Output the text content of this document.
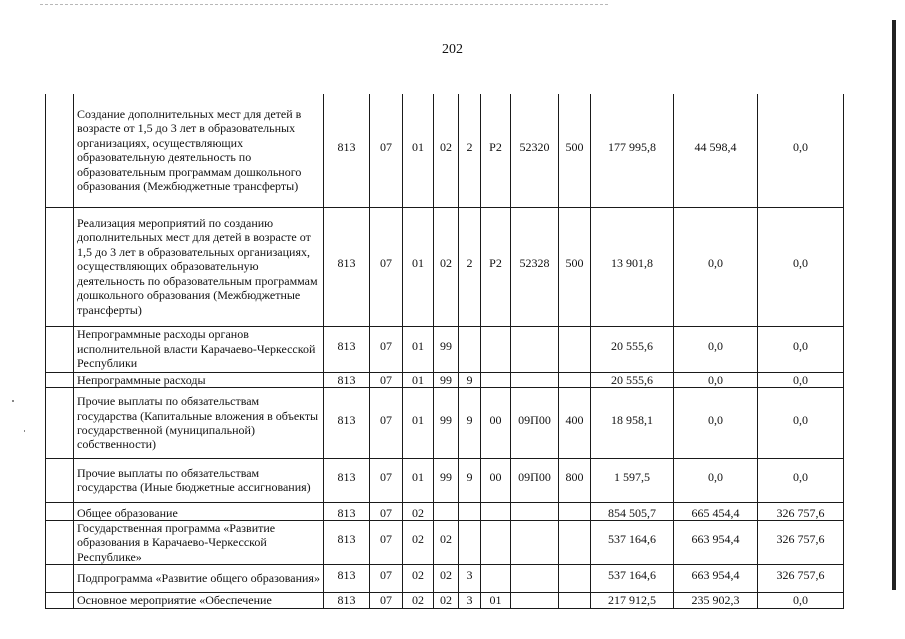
202
	Создание дополнительных мест для детей в возрасте от 1,5 до 3 лет в образовательных организациях, осуществляющих образовательную деятельность по образовательным программам дошкольного образования (Межбюджетные трансферты)	813	07	01	02	2	P2	52320	500	177 995,8	44 598,4	0,0
	Реализация мероприятий по созданию дополнительных мест для детей в возрасте от 1,5 до 3 лет в образовательных организациях, осуществляющих образовательную деятельность по образовательным программам дошкольного образования (Межбюджетные трансферты)	813	07	01	02	2	P2	52328	500	13 901,8	0,0	0,0
	Непрограммные расходы органов исполнительной власти Карачаево-Черкесской Республики	813	07	01	99					20 555,6	0,0	0,0
	Непрограммные расходы	813	07	01	99	9				20 555,6	0,0	0,0
	Прочие выплаты по обязательствам государства (Капитальные вложения в объекты государственной (муниципальной) собственности)	813	07	01	99	9	00	09П00	400	18 958,1	0,0	0,0
	Прочие выплаты по обязательствам государства (Иные бюджетные ассигнования)	813	07	01	99	9	00	09П00	800	1 597,5	0,0	0,0
	Общее образование	813	07	02						854 505,7	665 454,4	326 757,6
	Государственная программа «Развитие образования в Карачаево-Черкесской Республике»	813	07	02	02					537 164,6	663 954,4	326 757,6
	Подпрограмма «Развитие общего образования»	813	07	02	02	3				537 164,6	663 954,4	326 757,6
	Основное мероприятие «Обеспечение	813	07	02	02	3	01			217 912,5	235 902,3	0,0
